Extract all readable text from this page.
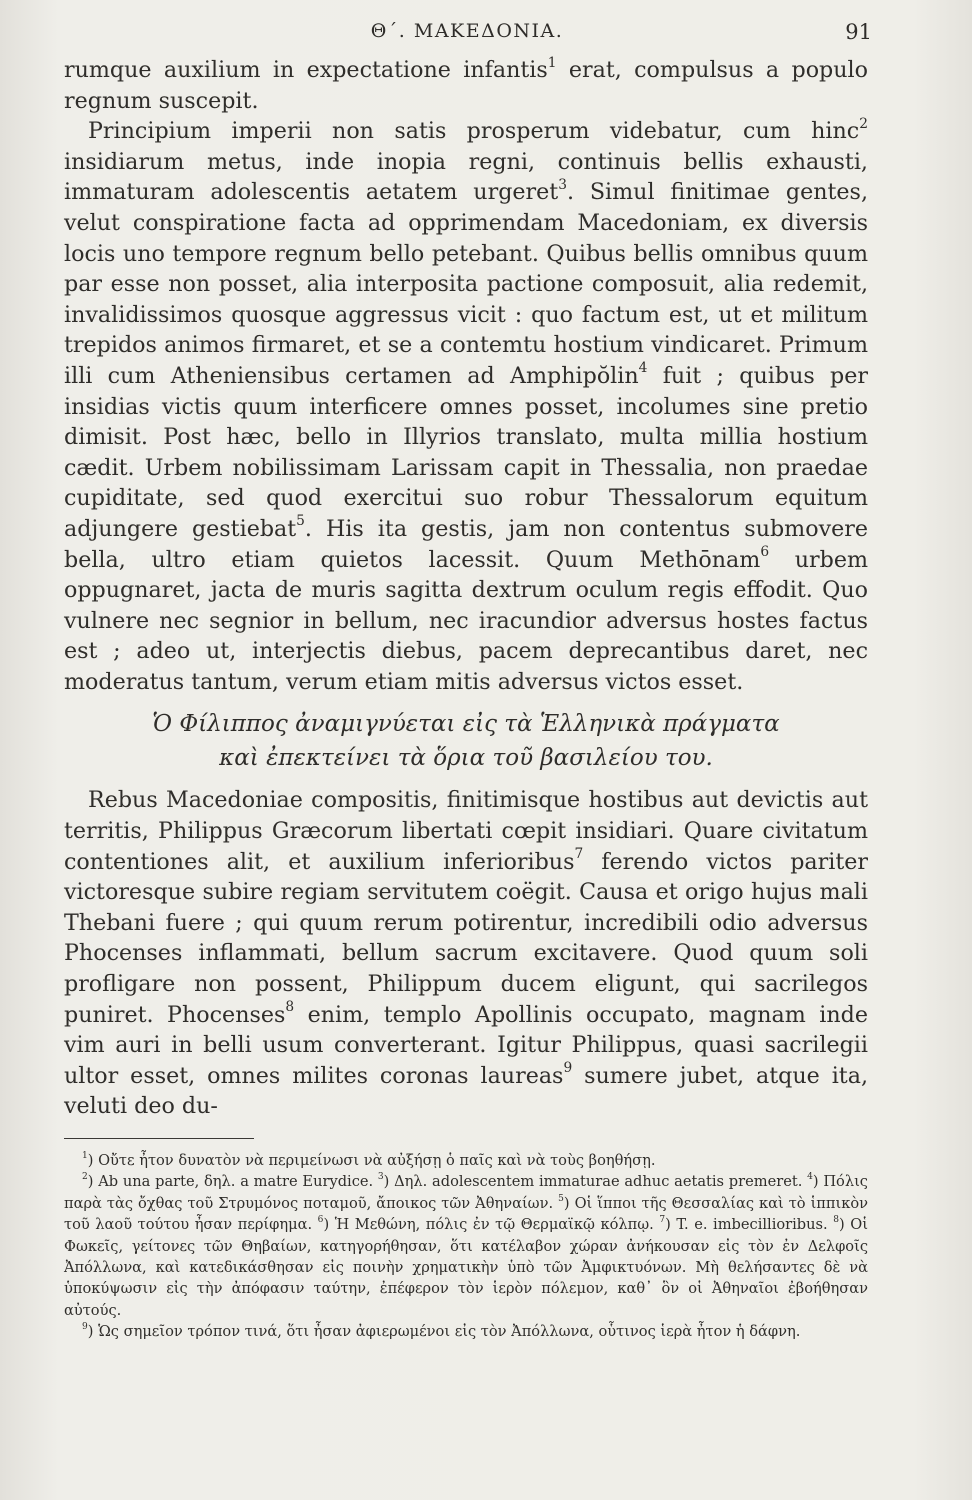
Θ΄. ΜΑΚΕΔΟΝΙΑ.	91

rumque auxilium in expectatione infantis$^1$ erat, compulsus a populo regnum suscepit.

Principium imperii non satis prosperum videbatur, cum hinc$^2$ insidiarum metus, inde inopia regni, continuis bellis exhausti, immaturam adolescentis aetatem urgeret$^3$. Simul finitimae gentes, velut conspiratione facta ad opprimendam Macedoniam, ex diversis locis uno tempore regnum bello petebant. Quibus bellis omnibus quum par esse non posset, alia interposita pactione composuit, alia redemit, invalidissimos quosque aggressus vicit : quo factum est, ut et militum trepidos animos firmaret, et se a contemtu hostium vindicaret. Primum illi cum Atheniensibus certamen ad Amphipŏlin$^4$ fuit ; quibus per insidias victis quum interficere omnes posset, incolumes sine pretio dimisit. Post hæc, bello in Illyrios translato, multa millia hostium cædit. Urbem nobilissimam Larissam capit in Thessalia, non praedae cupiditate, sed quod exercitui suo robur Thessalorum equitum adjungere gestiebat$^5$. His ita gestis, jam non contentus submovere bella, ultro etiam quietos lacessit. Quum Methōnam$^6$ urbem oppugnaret, jacta de muris sagitta dextrum oculum regis effodit. Quo vulnere nec segnior in bellum, nec iracundior adversus hostes factus est ; adeo ut, interjectis diebus, pacem deprecantibus daret, nec moderatus tantum, verum etiam mitis adversus victos esset.

Ὁ Φίλιππος ἀναμιγνύεται εἰς τὰ Ἑλληνικὰ πράγματα
καὶ ἐπεκτείνει τὰ ὅρια τοῦ βασιλείου του.

Rebus Macedoniae compositis, finitimisque hostibus aut devictis aut territis, Philippus Græcorum libertati cœpit insidiari. Quare civitatum contentiones alit, et auxilium inferioribus$^7$ ferendo victos pariter victoresque subire regiam servitutem coëgit. Causa et origo hujus mali Thebani fuere ; qui quum rerum potirentur, incredibili odio adversus Phocenses inflammati, bellum sacrum excitavere. Quod quum soli profligare non possent, Philippum ducem eligunt, qui sacrilegos puniret. Phocenses$^8$ enim, templo Apollinis occupato, magnam inde vim auri in belli usum converterant. Igitur Philippus, quasi sacrilegii ultor esset, omnes milites coronas laureas$^9$ sumere jubet, atque ita, veluti deo du-

$^1$) Οὔτε ἦτον δυνατὸν νὰ περιμείνωσι νὰ αὐξήσῃ ὁ παῖς καὶ νὰ τοὺς βοηθήσῃ.

$^2$) Ab una parte, δηλ. a matre Eurydice. $^3$) Δηλ. adolescentem immaturae adhuc aetatis premeret. $^4$) Πόλις παρὰ τὰς ὄχθας τοῦ Στρυμόνος ποταμοῦ, ἄποικος τῶν Ἀθηναίων. $^5$) Οἱ ἵπποι τῆς Θεσσαλίας καὶ τὸ ἱππικὸν τοῦ λαοῦ τούτου ἦσαν περίφημα. $^6$) Ἡ Μεθώνη, πόλις ἐν τῷ Θερμαϊκῷ κόλπῳ. $^7$) T. e. imbecillioribus. $^8$) Οἱ Φωκεῖς, γείτονες τῶν Θηβαίων, κατηγορήθησαν, ὅτι κατέλαβον χώραν ἀνήκουσαν εἰς τὸν ἐν Δελφοῖς Ἀπόλλωνα, καὶ κατεδικάσθησαν εἰς ποινὴν χρηματικὴν ὑπὸ τῶν Ἀμφικτυόνων. Μὴ θελήσαντες δὲ νὰ ὑποκύψωσιν εἰς τὴν ἀπόφασιν ταύτην, ἐπέφερον τὸν ἱερὸν πόλεμον, καθ᾽ ὃν οἱ Ἀθηναῖοι ἐβοήθησαν αὐτούς.

$^9$) Ὡς σημεῖον τρόπον τινά, ὅτι ἦσαν ἀφιερωμένοι εἰς τὸν Ἀπόλλωνα, οὗτινος ἱερὰ ἦτον ἡ δάφνη.
